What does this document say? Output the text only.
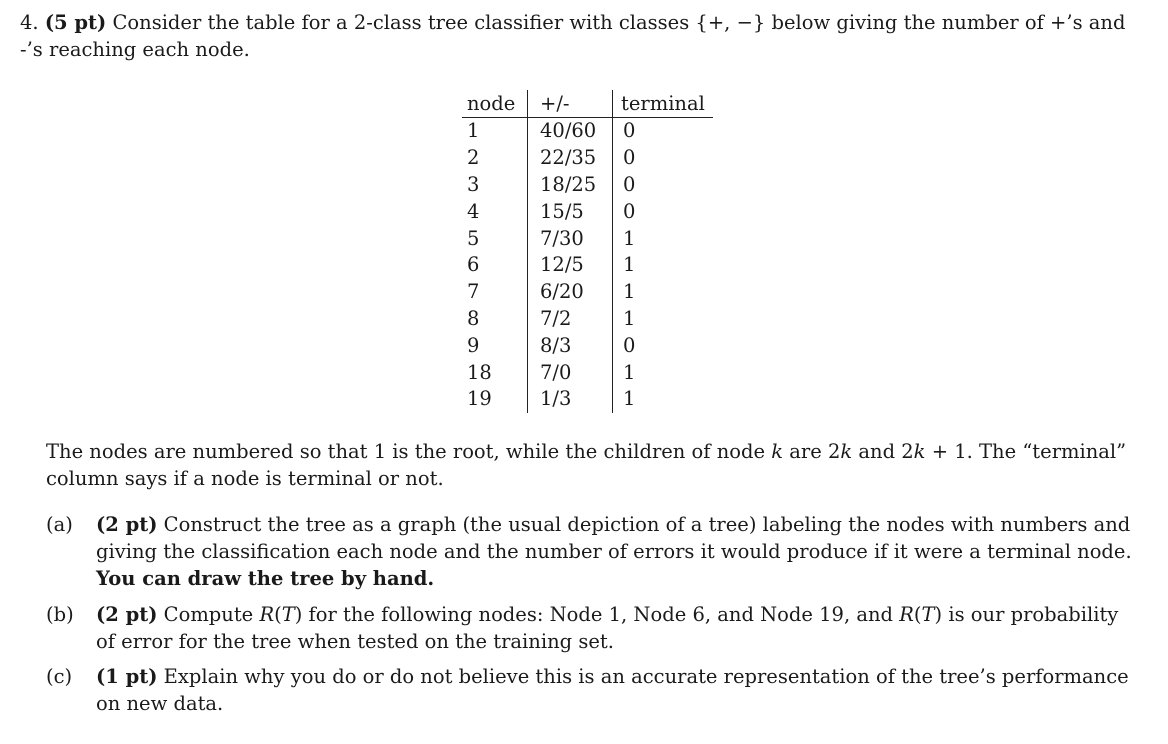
4. (5 pt) Consider the table for a 2-class tree classifier with classes {+, −} below giving the number of +’s and -’s reaching each node.
node	+/-	terminal
1	40/60	0
2	22/35	0
3	18/25	0
4	15/5	0
5	7/30	1
6	12/5	1
7	6/20	1
8	7/2	1
9	8/3	0
18	7/0	1
19	1/3	1
The nodes are numbered so that 1 is the root, while the children of node k are 2k and 2k + 1. The “terminal” column says if a node is terminal or not.
(a) (2 pt) Construct the tree as a graph (the usual depiction of a tree) labeling the nodes with numbers and giving the classification each node and the number of errors it would produce if it were a terminal node. You can draw the tree by hand.
(b) (2 pt) Compute R(T) for the following nodes: Node 1, Node 6, and Node 19, and R(T) is our probability of error for the tree when tested on the training set.
(c) (1 pt) Explain why you do or do not believe this is an accurate representation of the tree’s performance on new data.
